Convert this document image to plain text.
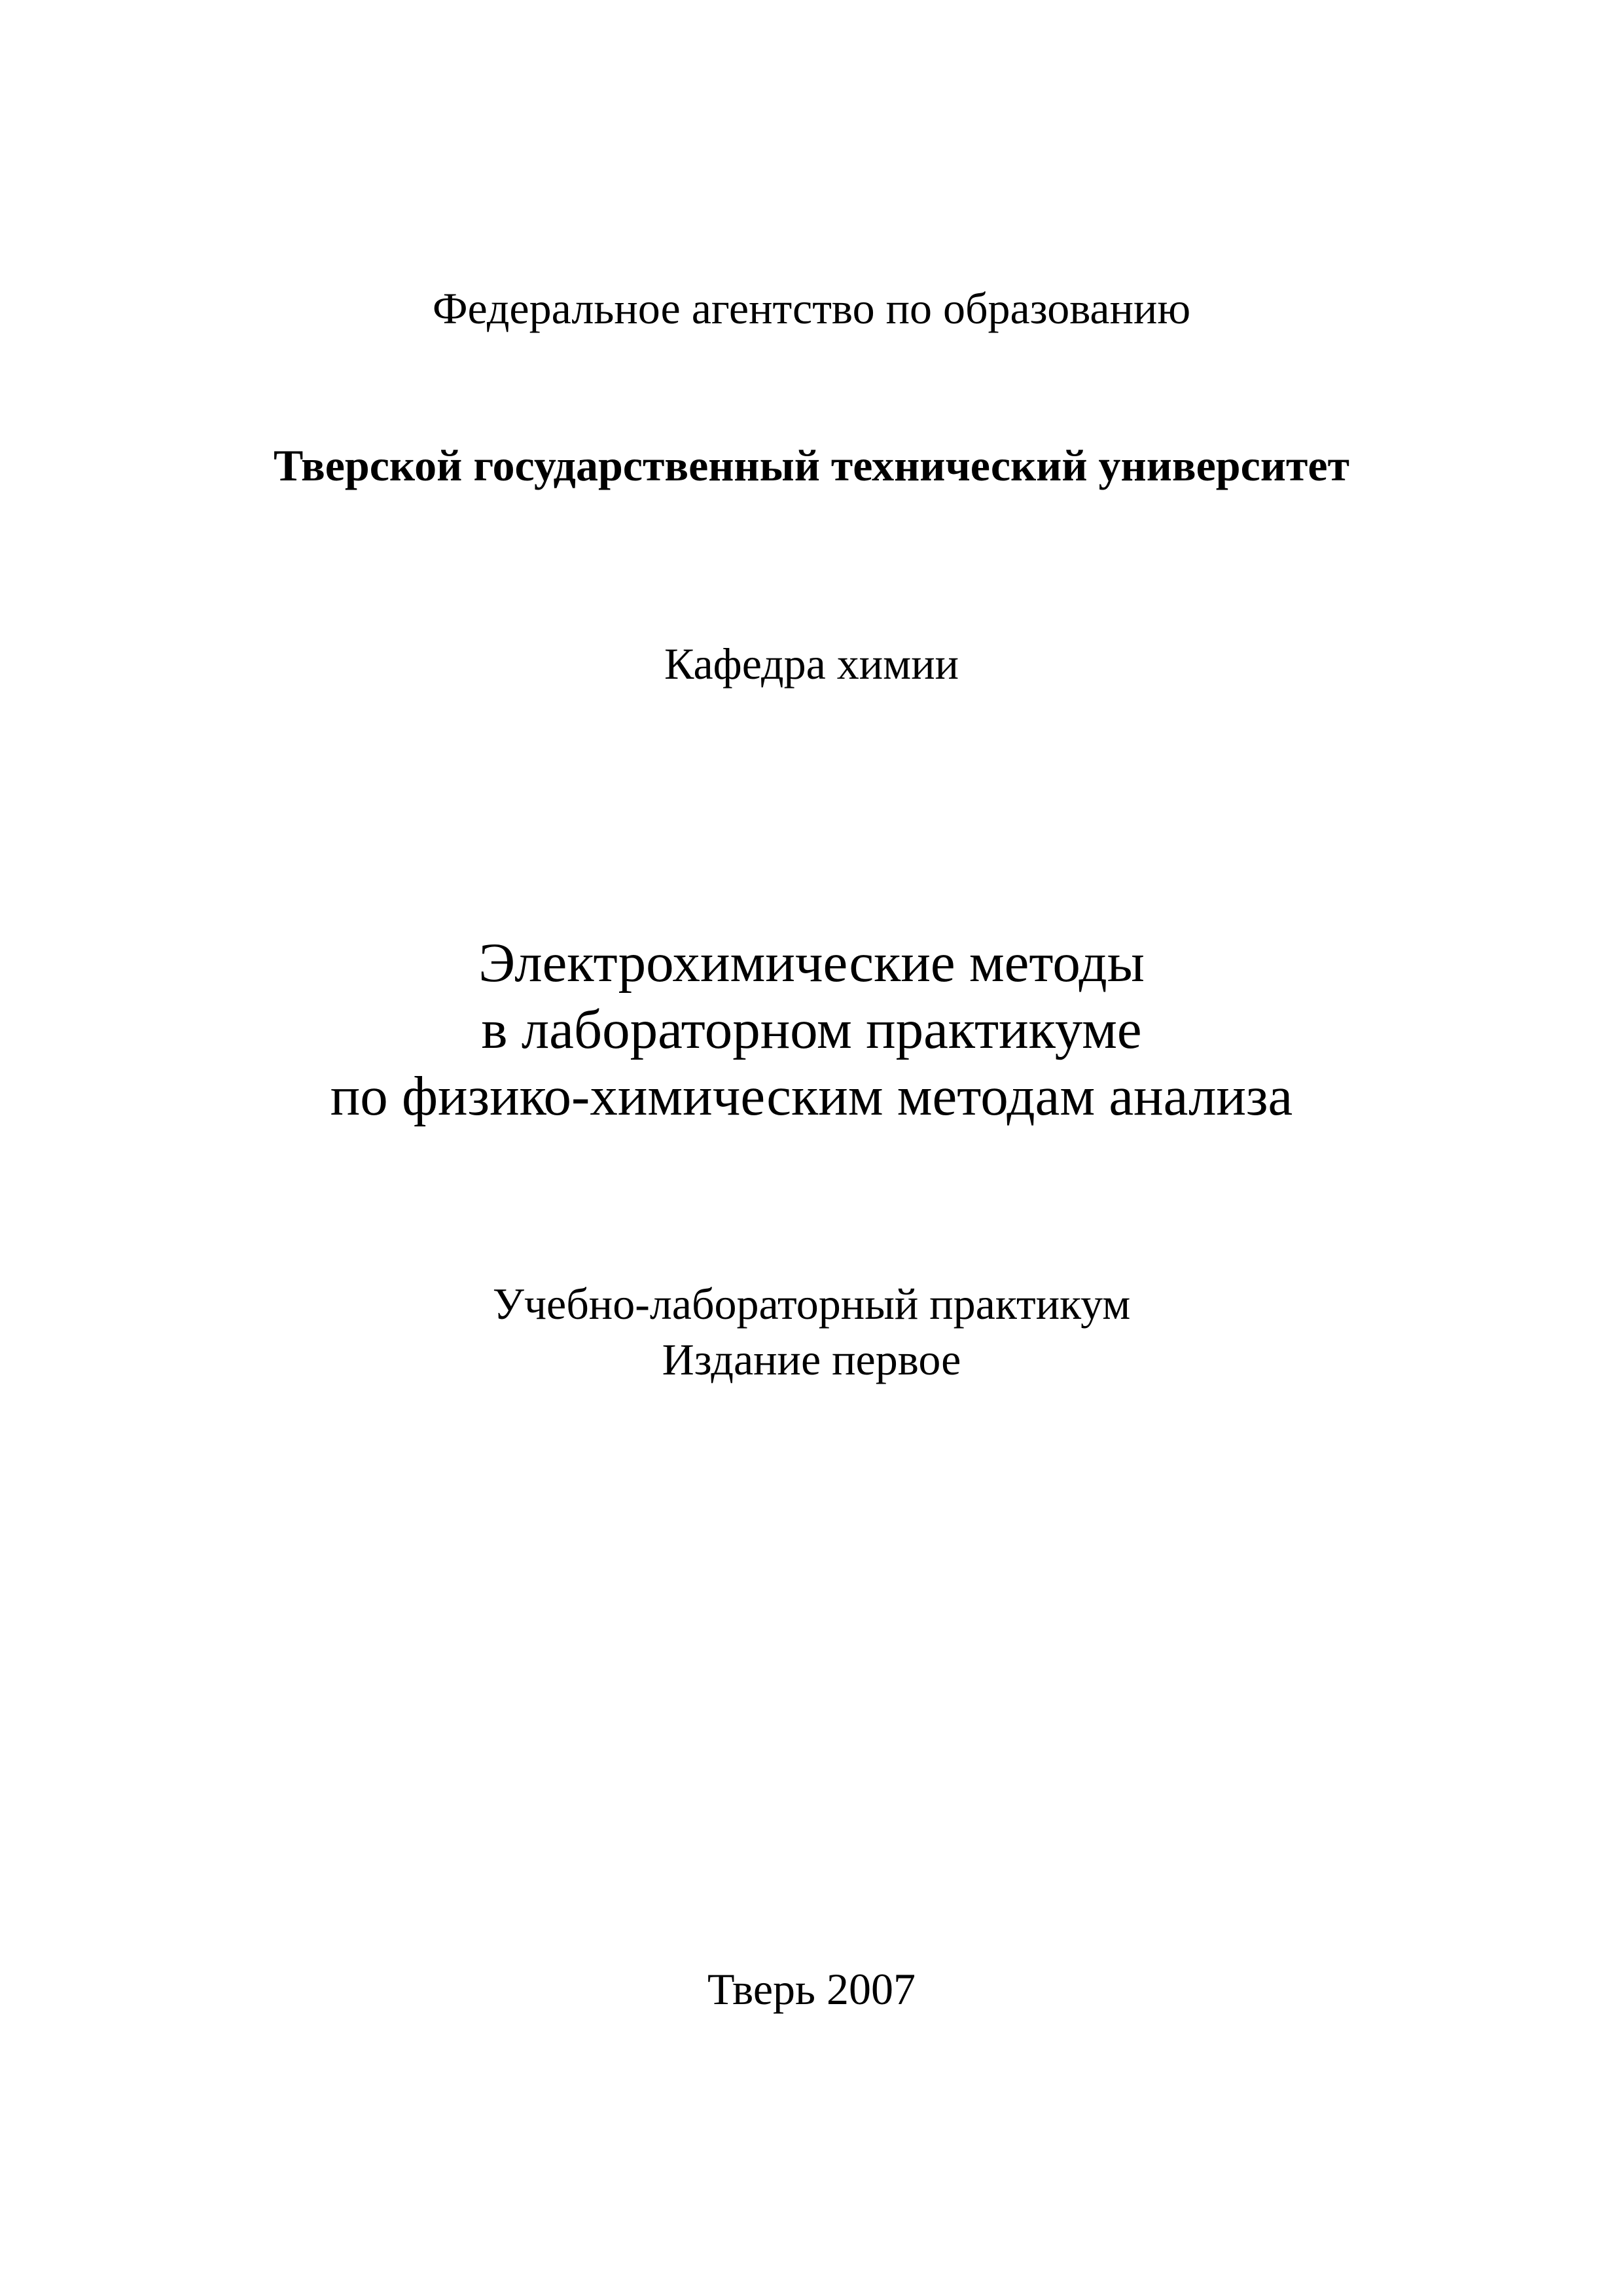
Федеральное агентство по образованию
Тверской государственный технический университет
Кафедра химии
Электрохимические методы
в лабораторном практикуме
по физико-химическим методам анализа
Учебно-лабораторный практикум
Издание первое
Тверь 2007
